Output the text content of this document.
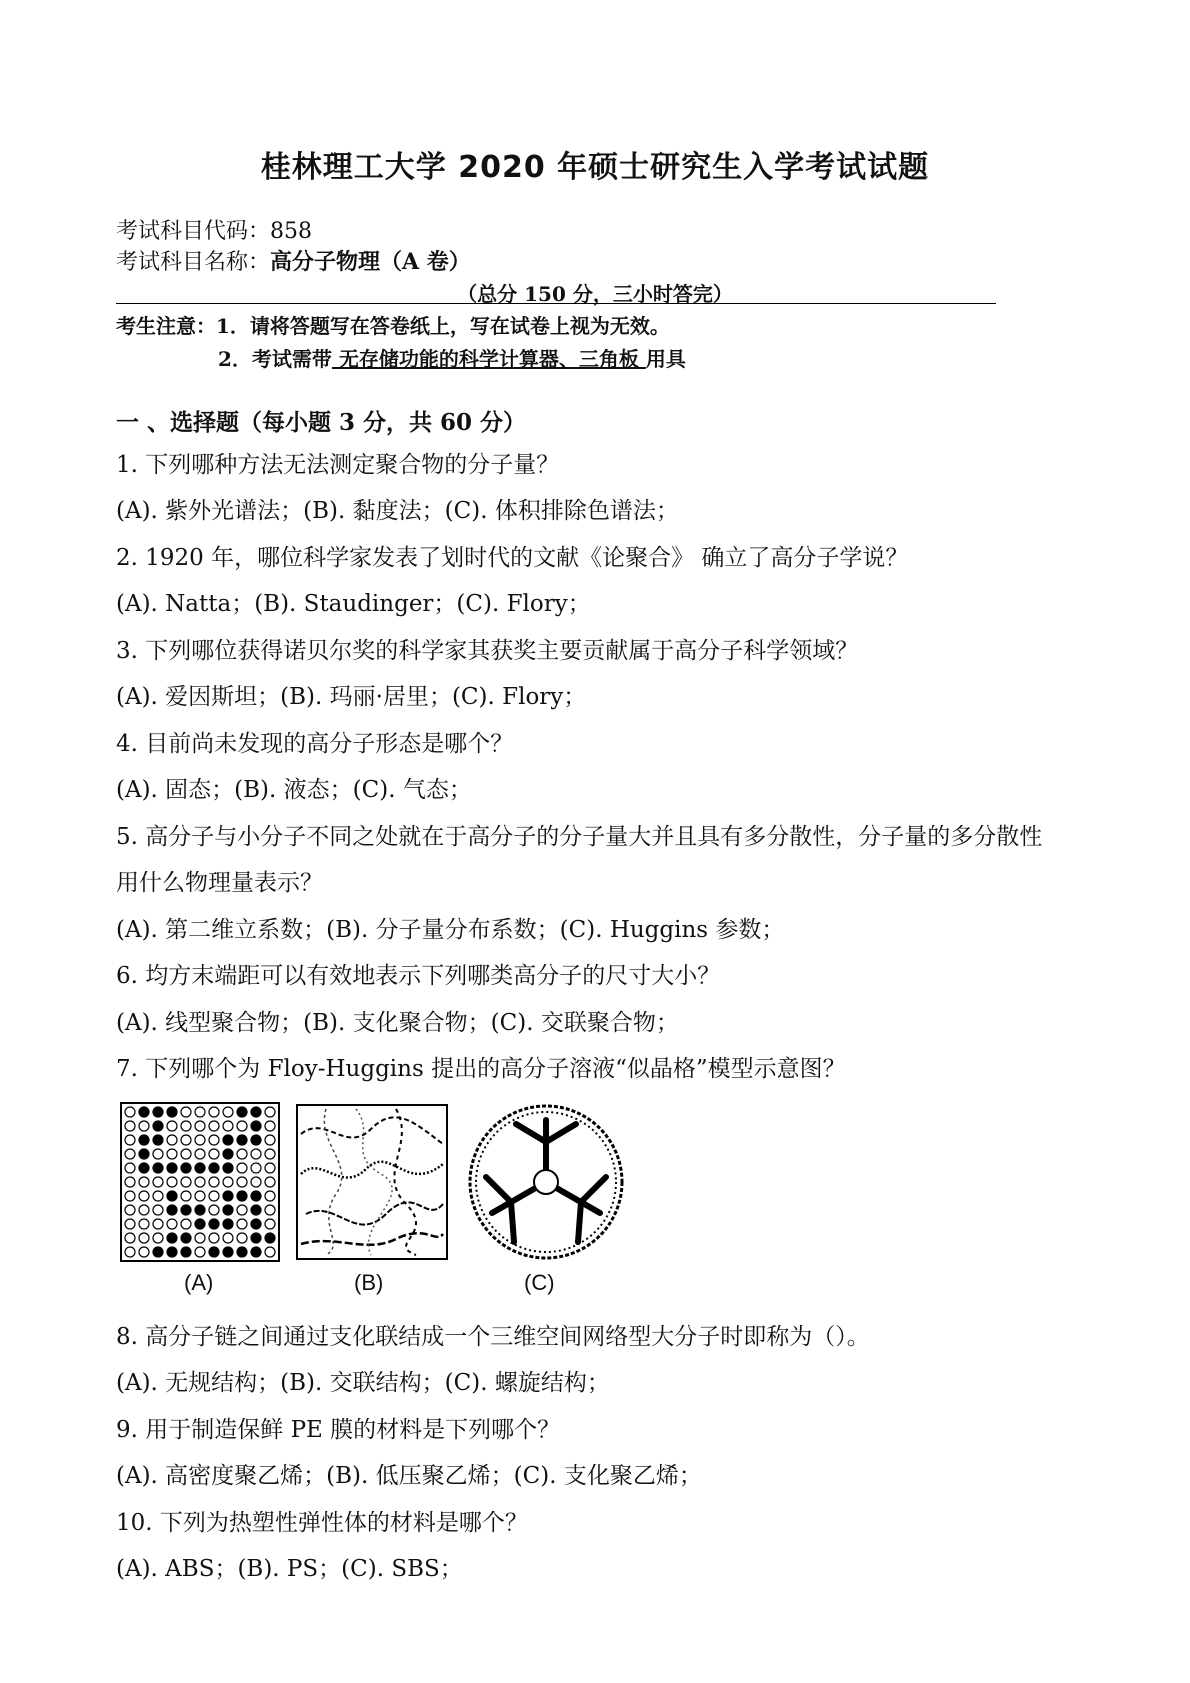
桂林理工大学 2020 年硕士研究生入学考试试题
考试科目代码：858
考试科目名称：高分子物理（A 卷）
（总分 150 分，三小时答完）
考生注意：1．请将答题写在答卷纸上，写在试卷上视为无效。
2．考试需带 无存储功能的科学计算器、三角板 用具
一 、选择题（每小题 3 分，共 60 分）
1. 下列哪种方法无法测定聚合物的分子量？
(A). 紫外光谱法；(B). 黏度法；(C). 体积排除色谱法；
2. 1920 年，哪位科学家发表了划时代的文献《论聚合》 确立了高分子学说？
(A). Natta；(B). Staudinger；(C). Flory；
3. 下列哪位获得诺贝尔奖的科学家其获奖主要贡献属于高分子科学领域？
(A). 爱因斯坦；(B). 玛丽·居里；(C). Flory；
4. 目前尚未发现的高分子形态是哪个？
(A). 固态；(B). 液态；(C). 气态；
5. 高分子与小分子不同之处就在于高分子的分子量大并且具有多分散性，分子量的多分散性
用什么物理量表示？
(A). 第二维立系数；(B). 分子量分布系数；(C). Huggins 参数；
6. 均方末端距可以有效地表示下列哪类高分子的尺寸大小？
(A). 线型聚合物；(B). 支化聚合物；(C). 交联聚合物；
7. 下列哪个为 Floy-Huggins 提出的高分子溶液“似晶格”模型示意图？
(A)	(B)	(C)
8. 高分子链之间通过支化联结成一个三维空间网络型大分子时即称为（）。
(A). 无规结构；(B). 交联结构；(C). 螺旋结构；
9. 用于制造保鲜 PE 膜的材料是下列哪个？
(A). 高密度聚乙烯；(B). 低压聚乙烯；(C). 支化聚乙烯；
10. 下列为热塑性弹性体的材料是哪个？
(A). ABS；(B). PS；(C). SBS；
